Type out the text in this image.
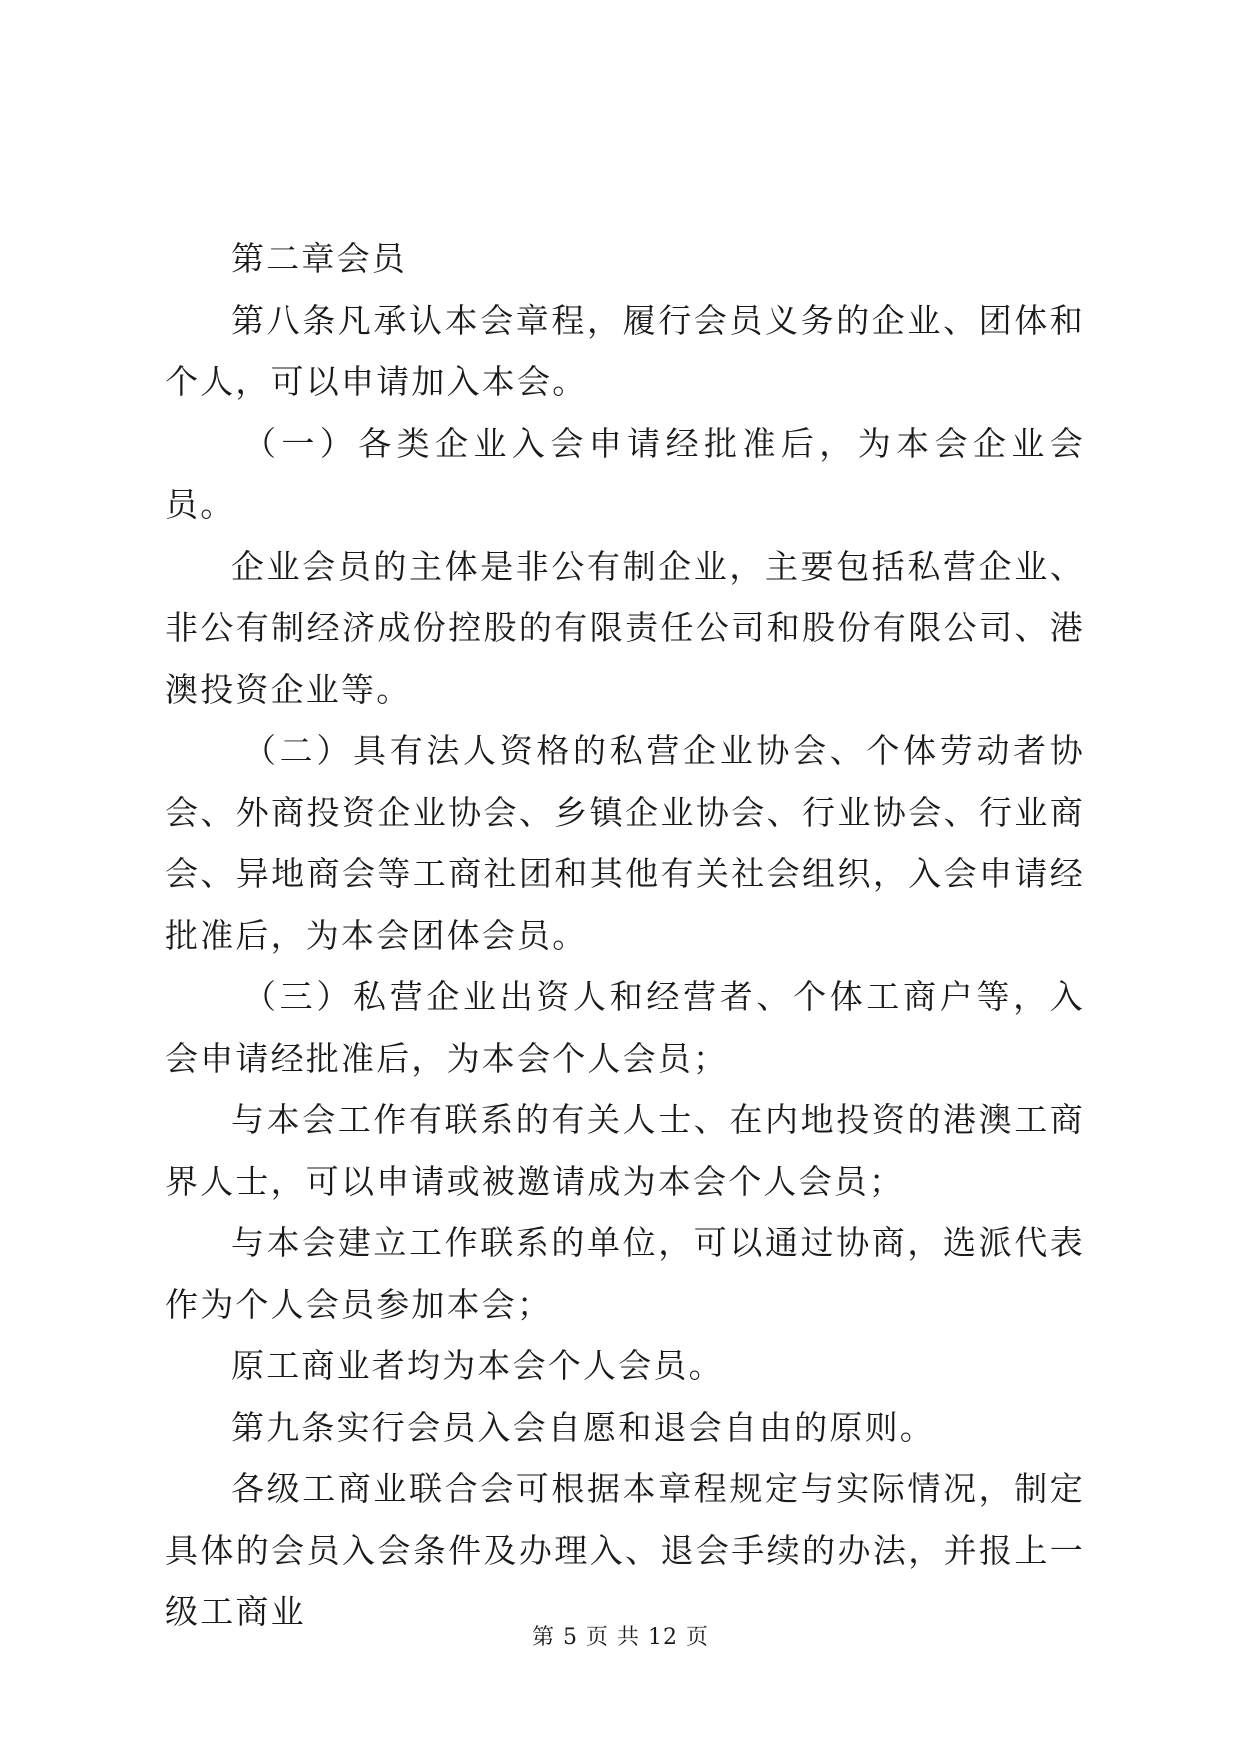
第二章会员

第八条凡承认本会章程，履行会员义务的企业、团体和个人，可以申请加入本会。

（一）各类企业入会申请经批准后，为本会企业会员。

企业会员的主体是非公有制企业，主要包括私营企业、非公有制经济成份控股的有限责任公司和股份有限公司、港澳投资企业等。

（二）具有法人资格的私营企业协会、个体劳动者协会、外商投资企业协会、乡镇企业协会、行业协会、行业商会、异地商会等工商社团和其他有关社会组织，入会申请经批准后，为本会团体会员。

（三）私营企业出资人和经营者、个体工商户等，入会申请经批准后，为本会个人会员；

与本会工作有联系的有关人士、在内地投资的港澳工商界人士，可以申请或被邀请成为本会个人会员；

与本会建立工作联系的单位，可以通过协商，选派代表作为个人会员参加本会；

原工商业者均为本会个人会员。

第九条实行会员入会自愿和退会自由的原则。

各级工商业联合会可根据本章程规定与实际情况，制定具体的会员入会条件及办理入、退会手续的办法，并报上一级工商业

第 5 页 共 12 页
